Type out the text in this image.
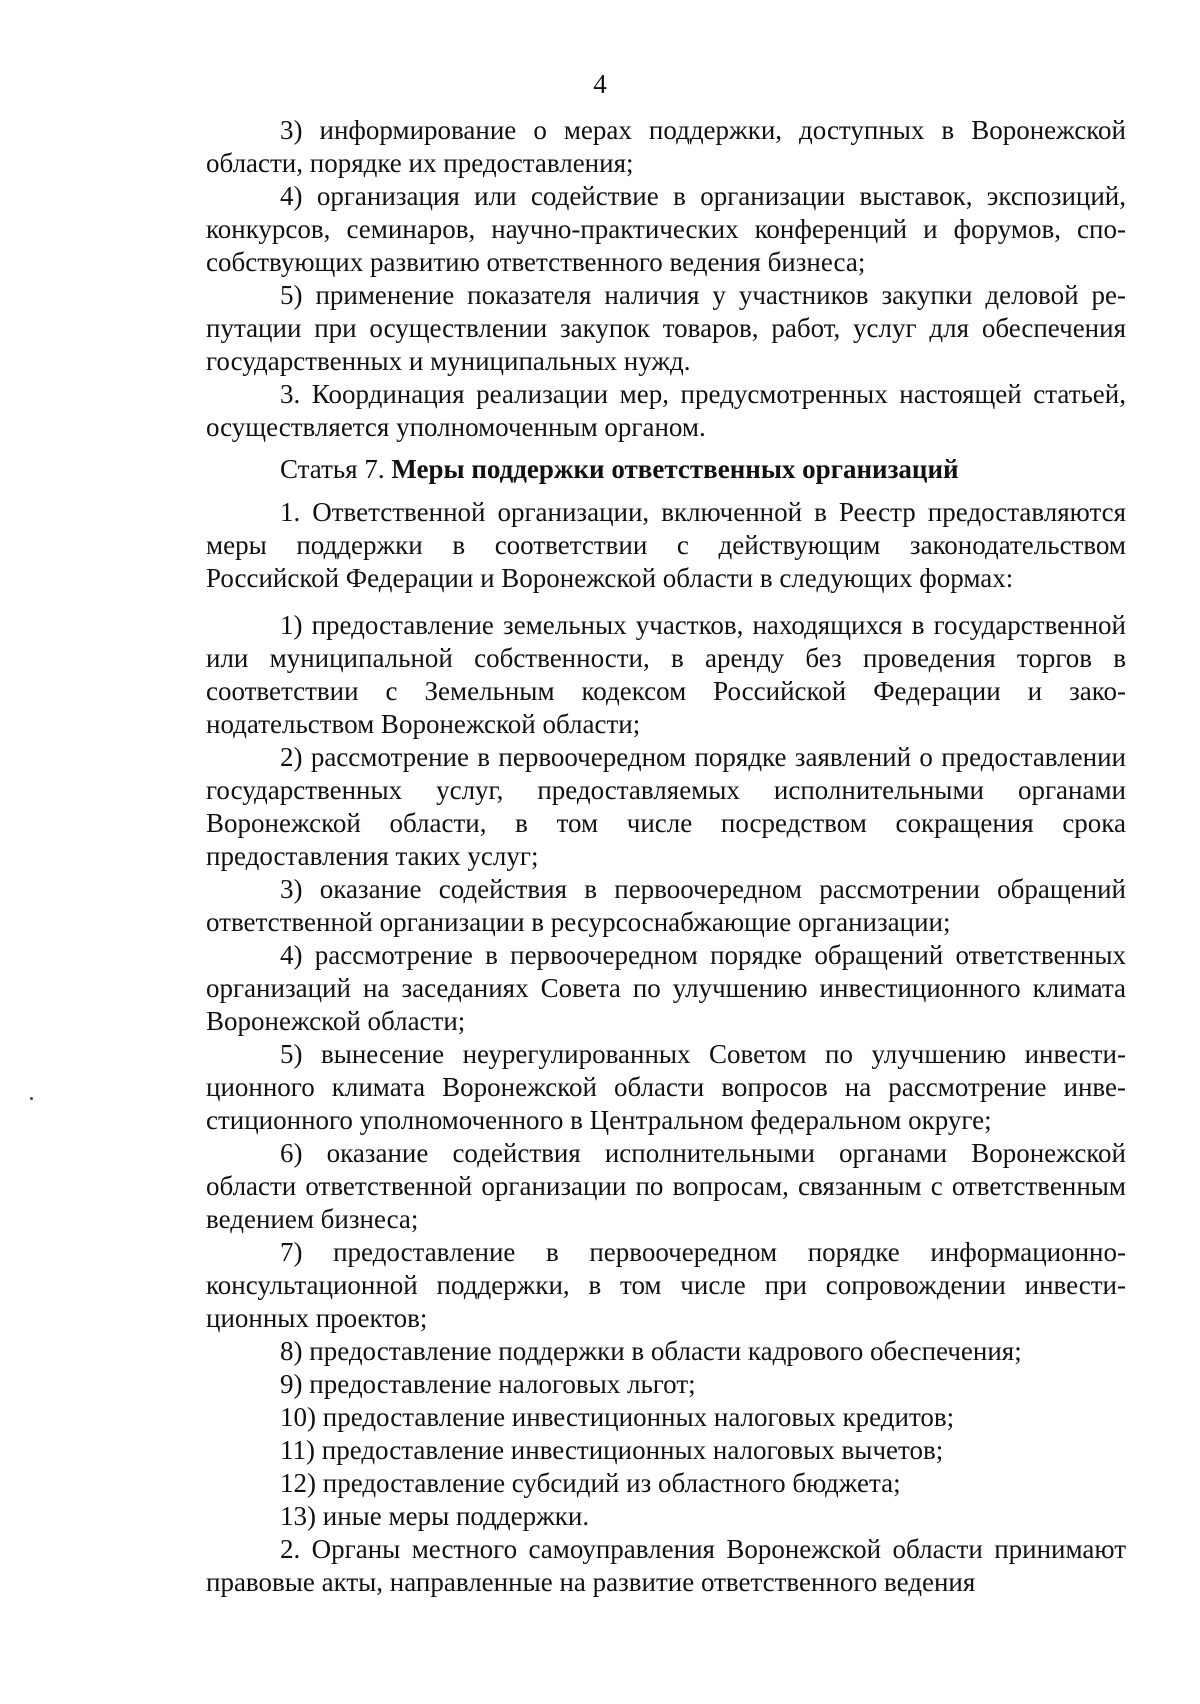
4

3) информирование о мерах поддержки, доступных в Воронежской области, порядке их предоставления;

4) организация или содействие в организации выставок, экспозиций, конкурсов, семинаров, научно-практических конференций и форумов, способствующих развитию ответственного ведения бизнеса;

5) применение показателя наличия у участников закупки деловой репутации при осуществлении закупок товаров, работ, услуг для обеспечения государственных и муниципальных нужд.

3. Координация реализации мер, предусмотренных настоящей статьей, осуществляется уполномоченным органом.

Статья 7. Меры поддержки ответственных организаций

1. Ответственной организации, включенной в Реестр предоставляются меры поддержки в соответствии с действующим законодательством Российской Федерации и Воронежской области в следующих формах:

1) предоставление земельных участков, находящихся в государственной или муниципальной собственности, в аренду без проведения торгов в соответствии с Земельным кодексом Российской Федерации и законодательством Воронежской области;

2) рассмотрение в первоочередном порядке заявлений о предоставлении государственных услуг, предоставляемых исполнительными органами Воронежской области, в том числе посредством сокращения срока предоставления таких услуг;

3) оказание содействия в первоочередном рассмотрении обращений ответственной организации в ресурсоснабжающие организации;

4) рассмотрение в первоочередном порядке обращений ответственных организаций на заседаниях Совета по улучшению инвестиционного климата Воронежской области;

5) вынесение неурегулированных Советом по улучшению инвестиционного климата Воронежской области вопросов на рассмотрение инвестиционного уполномоченного в Центральном федеральном округе;

6) оказание содействия исполнительными органами Воронежской области ответственной организации по вопросам, связанным с ответственным ведением бизнеса;

7) предоставление в первоочередном порядке информационно-консультационной поддержки, в том числе при сопровождении инвестиционных проектов;

8) предоставление поддержки в области кадрового обеспечения;

9) предоставление налоговых льгот;

10) предоставление инвестиционных налоговых кредитов;

11) предоставление инвестиционных налоговых вычетов;

12) предоставление субсидий из областного бюджета;

13) иные меры поддержки.

2. Органы местного самоуправления Воронежской области принимают правовые акты, направленные на развитие ответственного ведения
